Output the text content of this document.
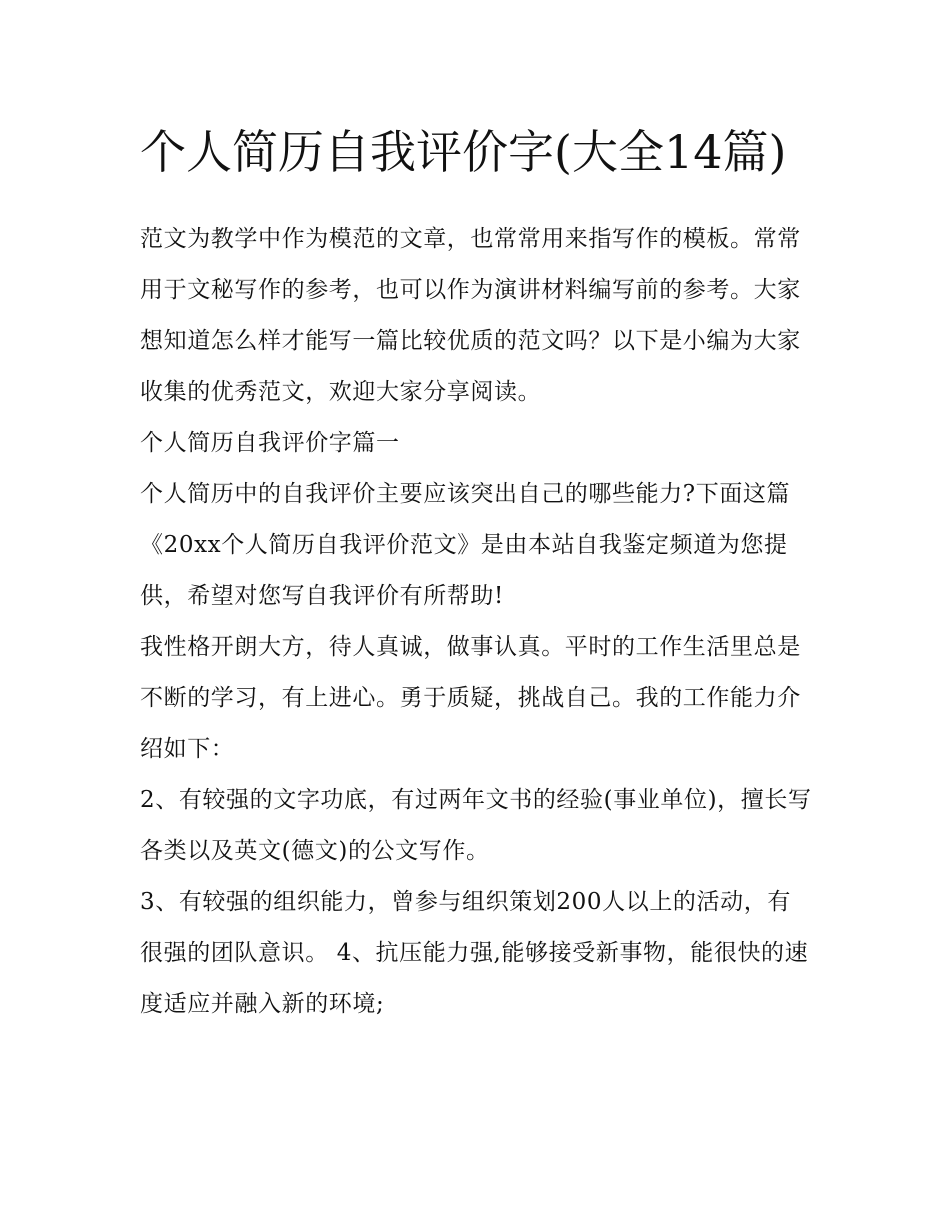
个人简历自我评价字(大全14篇)

范文为教学中作为模范的文章，也常常用来指写作的模板。常常用于文秘写作的参考，也可以作为演讲材料编写前的参考。大家想知道怎么样才能写一篇比较优质的范文吗？以下是小编为大家收集的优秀范文，欢迎大家分享阅读。

个人简历自我评价字篇一

个人简历中的自我评价主要应该突出自己的哪些能力?下面这篇《20xx个人简历自我评价范文》是由本站自我鉴定频道为您提供，希望对您写自我评价有所帮助!

我性格开朗大方，待人真诚，做事认真。平时的工作生活里总是不断的学习，有上进心。勇于质疑，挑战自己。我的工作能力介绍如下：

2、有较强的文字功底，有过两年文书的经验(事业单位)，擅长写各类以及英文(德文)的公文写作。

3、有较强的组织能力，曾参与组织策划200人以上的活动，有很强的团队意识。 4、抗压能力强,能够接受新事物，能很快的速度适应并融入新的环境;
